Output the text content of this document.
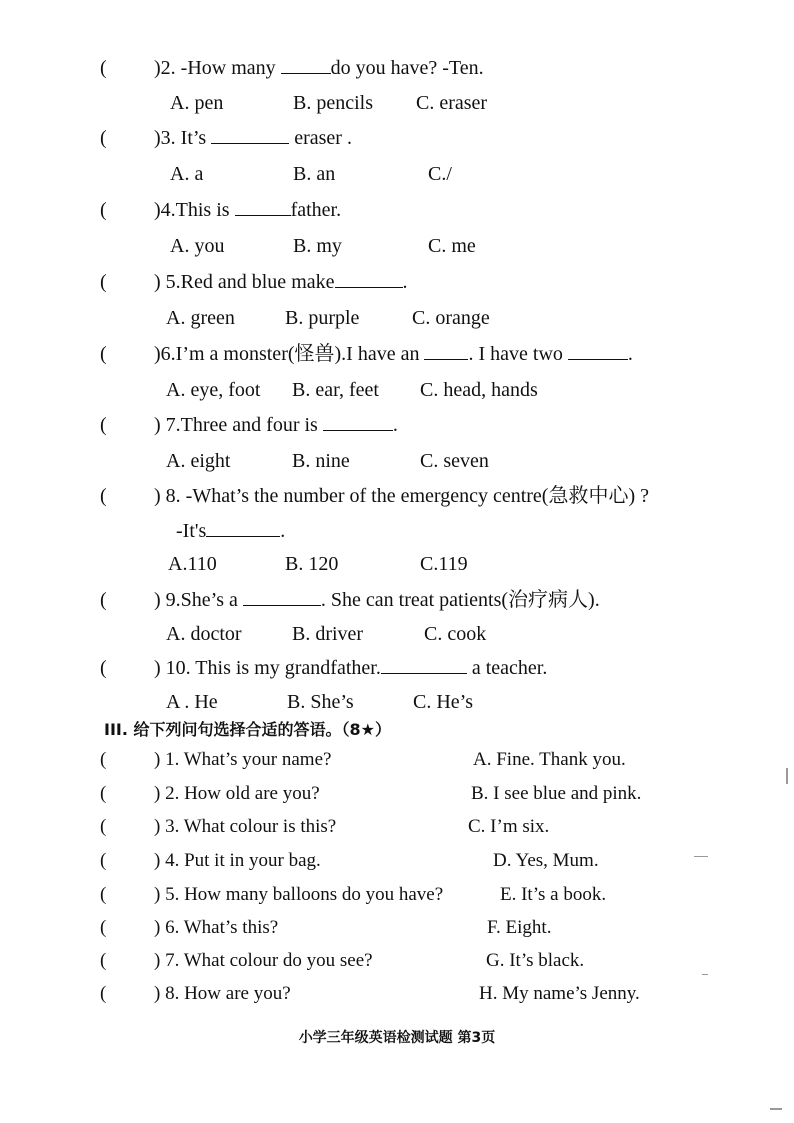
( )2. -How many	do you have? -Ten.
A. pen	B. pencils C. eraser
( )3. It’s	eraser .
A. a	B. an	C./
( )4.This is	father.
A. you	B. my	C. me
( ) 5.Red and blue make	.
A. green	B. purple	C. orange
( )6.I’m a monster(怪兽).I have an . I have two	.
A. eye, foot B. ear, feet C. head, hands
( ) 7.Three and four is	.
A. eight	B. nine	C. seven
( ) 8. -What’s the number of the emergency centre(急救中心) ?
-It's	.
A.110	B. 120	C.119
( ) 9.She’s a	. She can treat patients(治疗病人).
A. doctor	B. driver	C. cook
( ) 10. This is my grandfather.	a teacher.
A . He	B. She’s	C. He’s
III. 给下列问句选择合适的答语。（8★）
(	) 1. What’s your name?	A. Fine. Thank you.
(	) 2. How old are you?	B. I see blue and pink.
(	) 3. What colour is this?	C. I’m six.
(	) 4. Put it in your bag.	D. Yes, Mum.
(	) 5. How many balloons do you have?	E. It’s a book.
(	) 6. What’s this?	F. Eight.
(	) 7. What colour do you see?	G. It’s black.
(	) 8. How are you?	H. My name’s Jenny.
小学三年级英语检测试题 第3页
